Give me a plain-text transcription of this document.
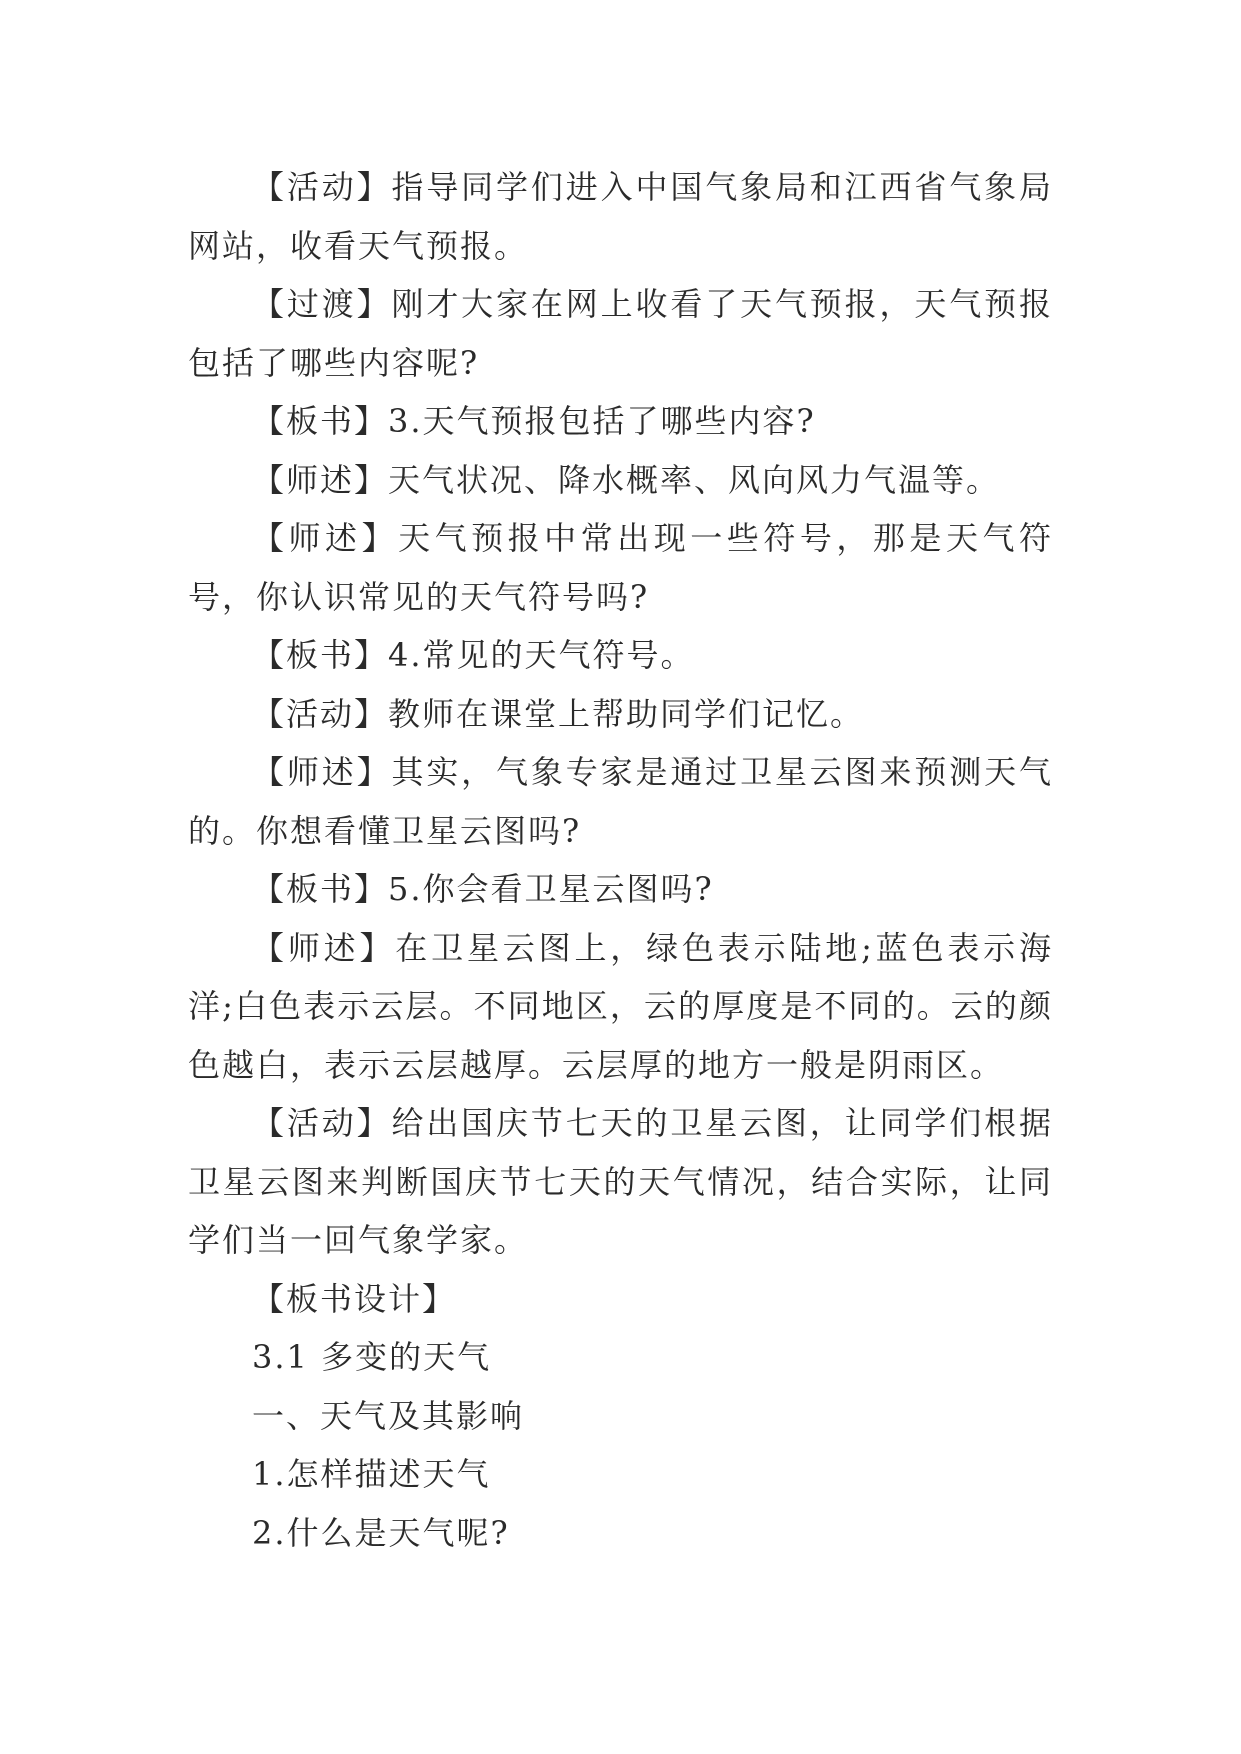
【活动】指导同学们进入中国气象局和江西省气象局网站，收看天气预报。

【过渡】刚才大家在网上收看了天气预报，天气预报包括了哪些内容呢?

【板书】3.天气预报包括了哪些内容?

【师述】天气状况、降水概率、风向风力气温等。

【师述】天气预报中常出现一些符号，那是天气符号，你认识常见的天气符号吗?

【板书】4.常见的天气符号。

【活动】教师在课堂上帮助同学们记忆。

【师述】其实，气象专家是通过卫星云图来预测天气的。你想看懂卫星云图吗?

【板书】5.你会看卫星云图吗?

【师述】在卫星云图上，绿色表示陆地;蓝色表示海洋;白色表示云层。不同地区，云的厚度是不同的。云的颜色越白，表示云层越厚。云层厚的地方一般是阴雨区。

【活动】给出国庆节七天的卫星云图，让同学们根据卫星云图来判断国庆节七天的天气情况，结合实际，让同学们当一回气象学家。

【板书设计】

3.1 多变的天气

一、天气及其影响

1.怎样描述天气

2.什么是天气呢?
